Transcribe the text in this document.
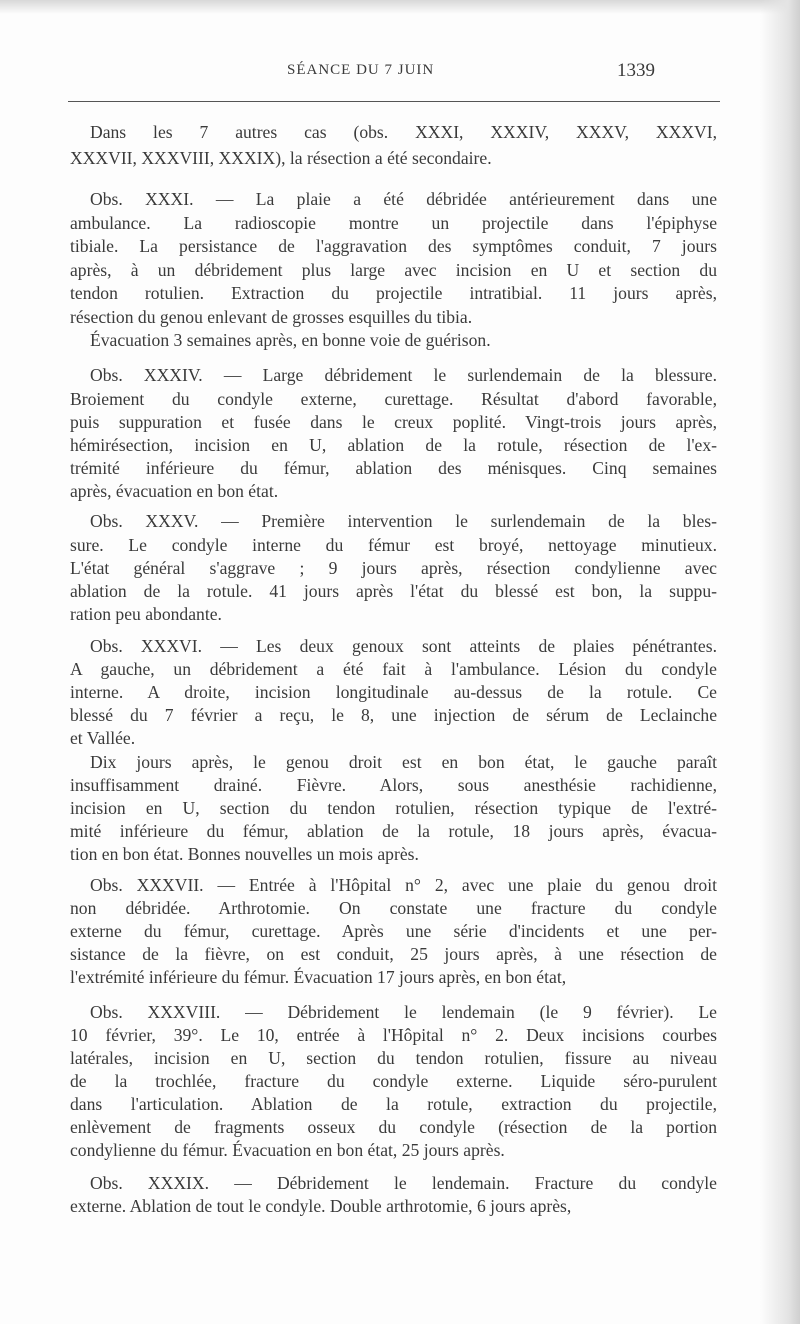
SÉANCE DU 7 JUIN	1339
Dans les 7 autres cas (obs. XXXI, XXXIV, XXXV, XXXVI,
XXXVII, XXXVIII, XXXIX), la résection a été secondaire.
Obs. XXXI. — La plaie a été débridée antérieurement dans une
ambulance. La radioscopie montre un projectile dans l'épiphyse
tibiale. La persistance de l'aggravation des symptômes conduit, 7 jours
après, à un débridement plus large avec incision en U et section du
tendon rotulien. Extraction du projectile intratibial. 11 jours après,
résection du genou enlevant de grosses esquilles du tibia.
Évacuation 3 semaines après, en bonne voie de guérison.
Obs. XXXIV. — Large débridement le surlendemain de la blessure.
Broiement du condyle externe, curettage. Résultat d'abord favorable,
puis suppuration et fusée dans le creux poplité. Vingt-trois jours après,
hémirésection, incision en U, ablation de la rotule, résection de l'ex-
trémité inférieure du fémur, ablation des ménisques. Cinq semaines
après, évacuation en bon état.
Obs. XXXV. — Première intervention le surlendemain de la bles-
sure. Le condyle interne du fémur est broyé, nettoyage minutieux.
L'état général s'aggrave ; 9 jours après, résection condylienne avec
ablation de la rotule. 41 jours après l'état du blessé est bon, la suppu-
ration peu abondante.
Obs. XXXVI. — Les deux genoux sont atteints de plaies pénétrantes.
A gauche, un débridement a été fait à l'ambulance. Lésion du condyle
interne. A droite, incision longitudinale au-dessus de la rotule. Ce
blessé du 7 février a reçu, le 8, une injection de sérum de Leclainche
et Vallée.
Dix jours après, le genou droit est en bon état, le gauche paraît
insuffisamment drainé. Fièvre. Alors, sous anesthésie rachidienne,
incision en U, section du tendon rotulien, résection typique de l'extré-
mité inférieure du fémur, ablation de la rotule, 18 jours après, évacua-
tion en bon état. Bonnes nouvelles un mois après.
Obs. XXXVII. — Entrée à l'Hôpital n° 2, avec une plaie du genou droit
non débridée. Arthrotomie. On constate une fracture du condyle
externe du fémur, curettage. Après une série d'incidents et une per-
sistance de la fièvre, on est conduit, 25 jours après, à une résection de
l'extrémité inférieure du fémur. Évacuation 17 jours après, en bon état,
Obs. XXXVIII. — Débridement le lendemain (le 9 février). Le
10 février, 39°. Le 10, entrée à l'Hôpital n° 2. Deux incisions courbes
latérales, incision en U, section du tendon rotulien, fissure au niveau
de la trochlée, fracture du condyle externe. Liquide séro-purulent
dans l'articulation. Ablation de la rotule, extraction du projectile,
enlèvement de fragments osseux du condyle (résection de la portion
condylienne du fémur. Évacuation en bon état, 25 jours après.
Obs. XXXIX. — Débridement le lendemain. Fracture du condyle
externe. Ablation de tout le condyle. Double arthrotomie, 6 jours après,
